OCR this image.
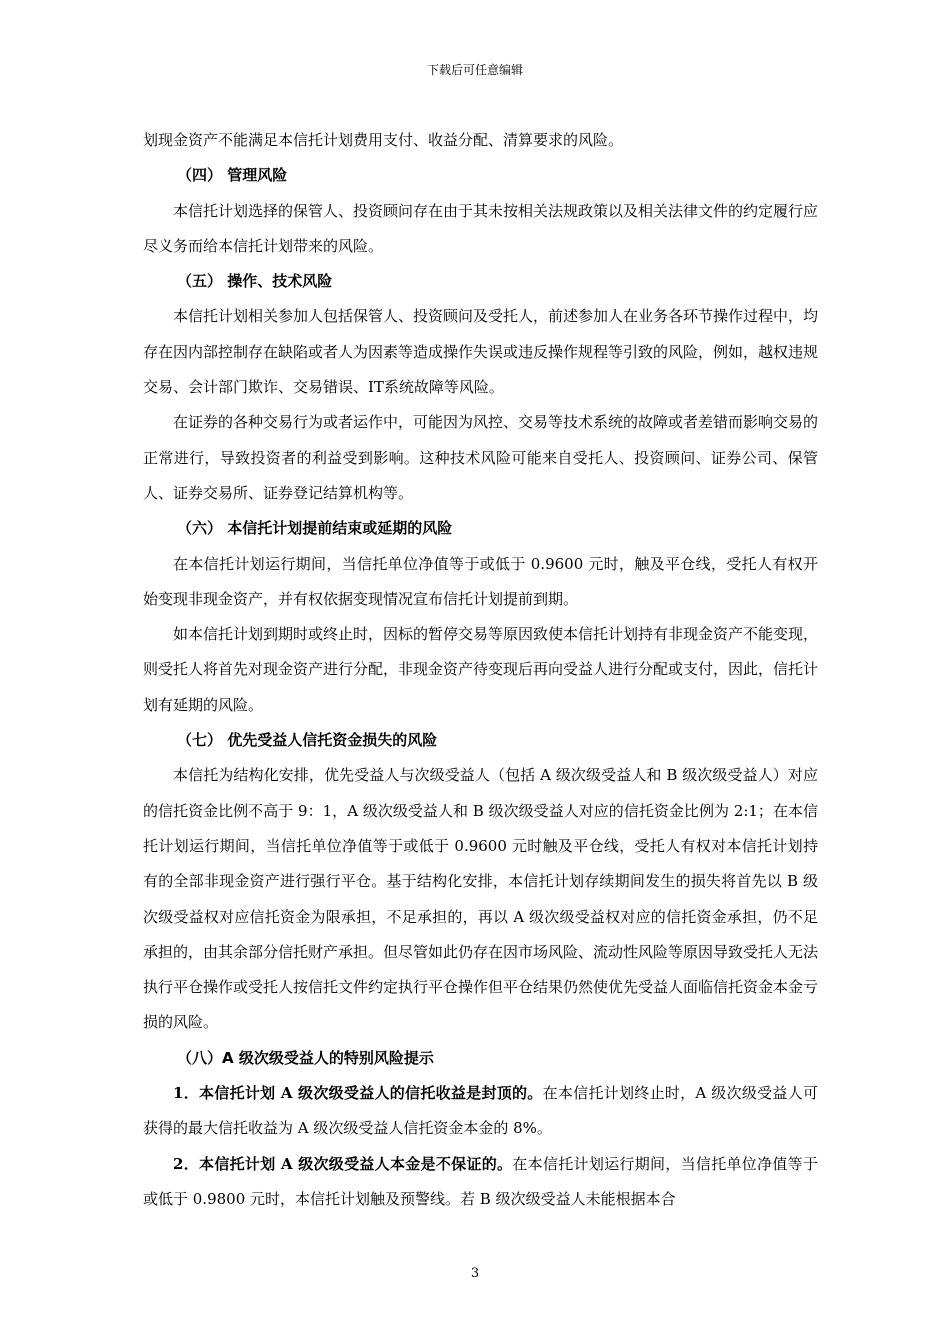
下载后可任意编辑

划现金资产不能满足本信托计划费用支付、收益分配、清算要求的风险。

（四） 管理风险

本信托计划选择的保管人、投资顾问存在由于其未按相关法规政策以及相关法律文件的约定履行应尽义务而给本信托计划带来的风险。

（五） 操作、技术风险

本信托计划相关参加人包括保管人、投资顾问及受托人，前述参加人在业务各环节操作过程中，均存在因内部控制存在缺陷或者人为因素等造成操作失误或违反操作规程等引致的风险，例如，越权违规交易、会计部门欺诈、交易错误、IT系统故障等风险。

在证券的各种交易行为或者运作中，可能因为风控、交易等技术系统的故障或者差错而影响交易的正常进行，导致投资者的利益受到影响。这种技术风险可能来自受托人、投资顾问、证券公司、保管人、证券交易所、证券登记结算机构等。

（六） 本信托计划提前结束或延期的风险

在本信托计划运行期间，当信托单位净值等于或低于 0.9600 元时，触及平仓线，受托人有权开始变现非现金资产，并有权依据变现情况宣布信托计划提前到期。

如本信托计划到期时或终止时，因标的暂停交易等原因致使本信托计划持有非现金资产不能变现，则受托人将首先对现金资产进行分配，非现金资产待变现后再向受益人进行分配或支付，因此，信托计划有延期的风险。

（七） 优先受益人信托资金损失的风险

本信托为结构化安排，优先受益人与次级受益人（包括 A 级次级受益人和 B 级次级受益人）对应的信托资金比例不高于 9：1，A 级次级受益人和 B 级次级受益人对应的信托资金比例为 2:1；在本信托计划运行期间，当信托单位净值等于或低于 0.9600 元时触及平仓线，受托人有权对本信托计划持有的全部非现金资产进行强行平仓。基于结构化安排，本信托计划存续期间发生的损失将首先以 B 级次级受益权对应信托资金为限承担，不足承担的，再以 A 级次级受益权对应的信托资金承担，仍不足承担的，由其余部分信托财产承担。但尽管如此仍存在因市场风险、流动性风险等原因导致受托人无法执行平仓操作或受托人按信托文件约定执行平仓操作但平仓结果仍然使优先受益人面临信托资金本金亏损的风险。

（八）A 级次级受益人的特别风险提示

1．本信托计划 A 级次级受益人的信托收益是封顶的。在本信托计划终止时，A 级次级受益人可获得的最大信托收益为 A 级次级受益人信托资金本金的 8%。

2．本信托计划 A 级次级受益人本金是不保证的。在本信托计划运行期间，当信托单位净值等于或低于 0.9800 元时，本信托计划触及预警线。若 B 级次级受益人未能根据本合

3
